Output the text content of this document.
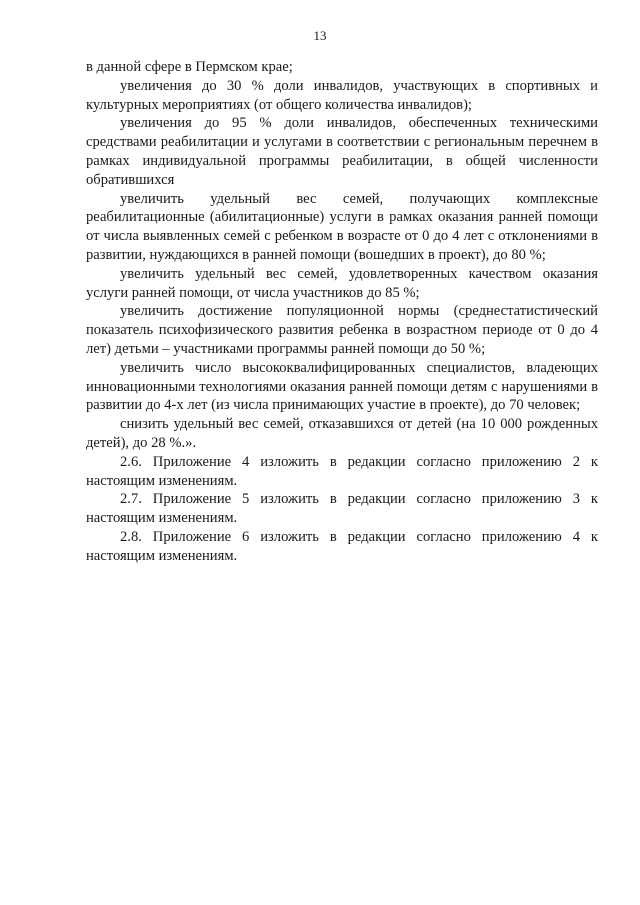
13

в данной сфере в Пермском крае;

увеличения до 30 % доли инвалидов, участвующих в спортивных и культурных мероприятиях (от общего количества инвалидов);

увеличения до 95 % доли инвалидов, обеспеченных техническими средствами реабилитации и услугами в соответствии с региональным перечнем в рамках индивидуальной программы реабилитации, в общей численности обратившихся

увеличить удельный вес семей, получающих комплексные реабилитационные (абилитационные) услуги в рамках оказания ранней помощи от числа выявленных семей с ребенком в возрасте от 0 до 4 лет с отклонениями в развитии, нуждающихся в ранней помощи (вошедших в проект), до 80 %;

увеличить удельный вес семей, удовлетворенных качеством оказания услуги ранней помощи, от числа участников до 85 %;

увеличить достижение популяционной нормы (среднестатистический показатель психофизического развития ребенка в возрастном периоде от 0 до 4 лет) детьми – участниками программы ранней помощи до 50 %;

увеличить число высококвалифицированных специалистов, владеющих инновационными технологиями оказания ранней помощи детям с нарушениями в развитии до 4-х лет (из числа принимающих участие в проекте), до 70 человек;

снизить удельный вес семей, отказавшихся от детей (на 10 000 рожденных детей), до 28 %.».

2.6. Приложение 4 изложить в редакции согласно приложению 2 к настоящим изменениям.

2.7. Приложение 5 изложить в редакции согласно приложению 3 к настоящим изменениям.

2.8. Приложение 6 изложить в редакции согласно приложению 4 к настоящим изменениям.
